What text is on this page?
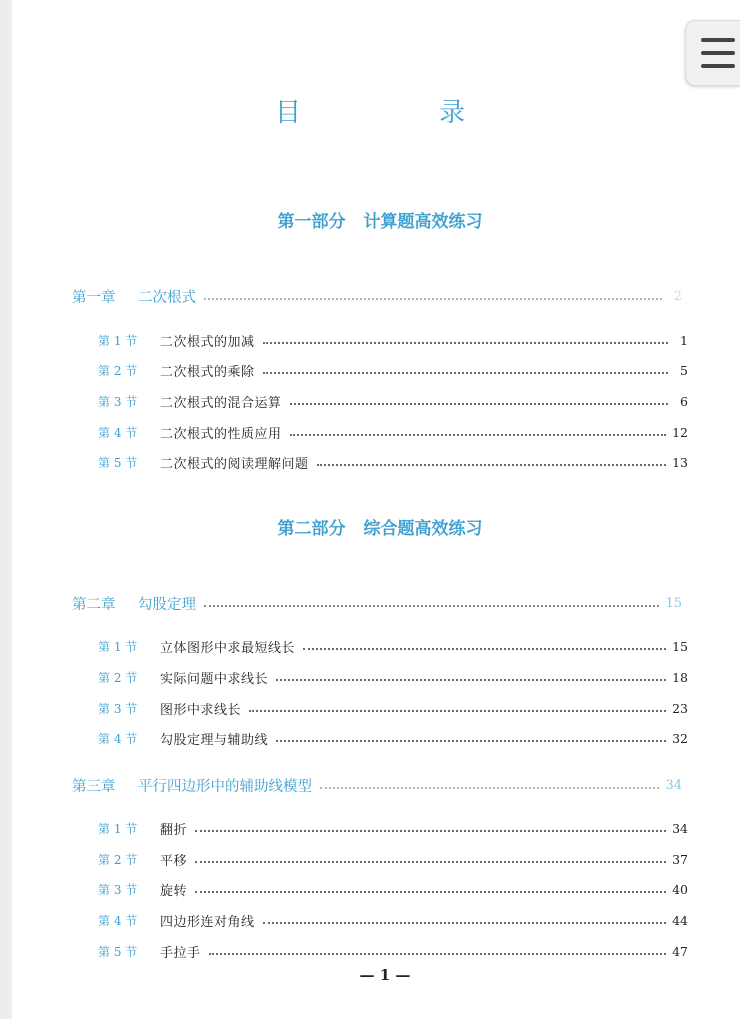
目　录
第一部分 计算题高效练习
第一章	二次根式	2
第 1 节	二次根式的加减	1
第 2 节	二次根式的乘除	5
第 3 节	二次根式的混合运算	6
第 4 节	二次根式的性质应用	12
第 5 节	二次根式的阅读理解问题	13
第二部分 综合题高效练习
第二章	勾股定理	15
第 1 节	立体图形中求最短线长	15
第 2 节	实际问题中求线长	18
第 3 节	图形中求线长	23
第 4 节	勾股定理与辅助线	32
第三章	平行四边形中的辅助线模型	34
第 1 节	翻折	34
第 2 节	平移	37
第 3 节	旋转	40
第 4 节	四边形连对角线	44
第 5 节	手拉手	47
— 1 —
